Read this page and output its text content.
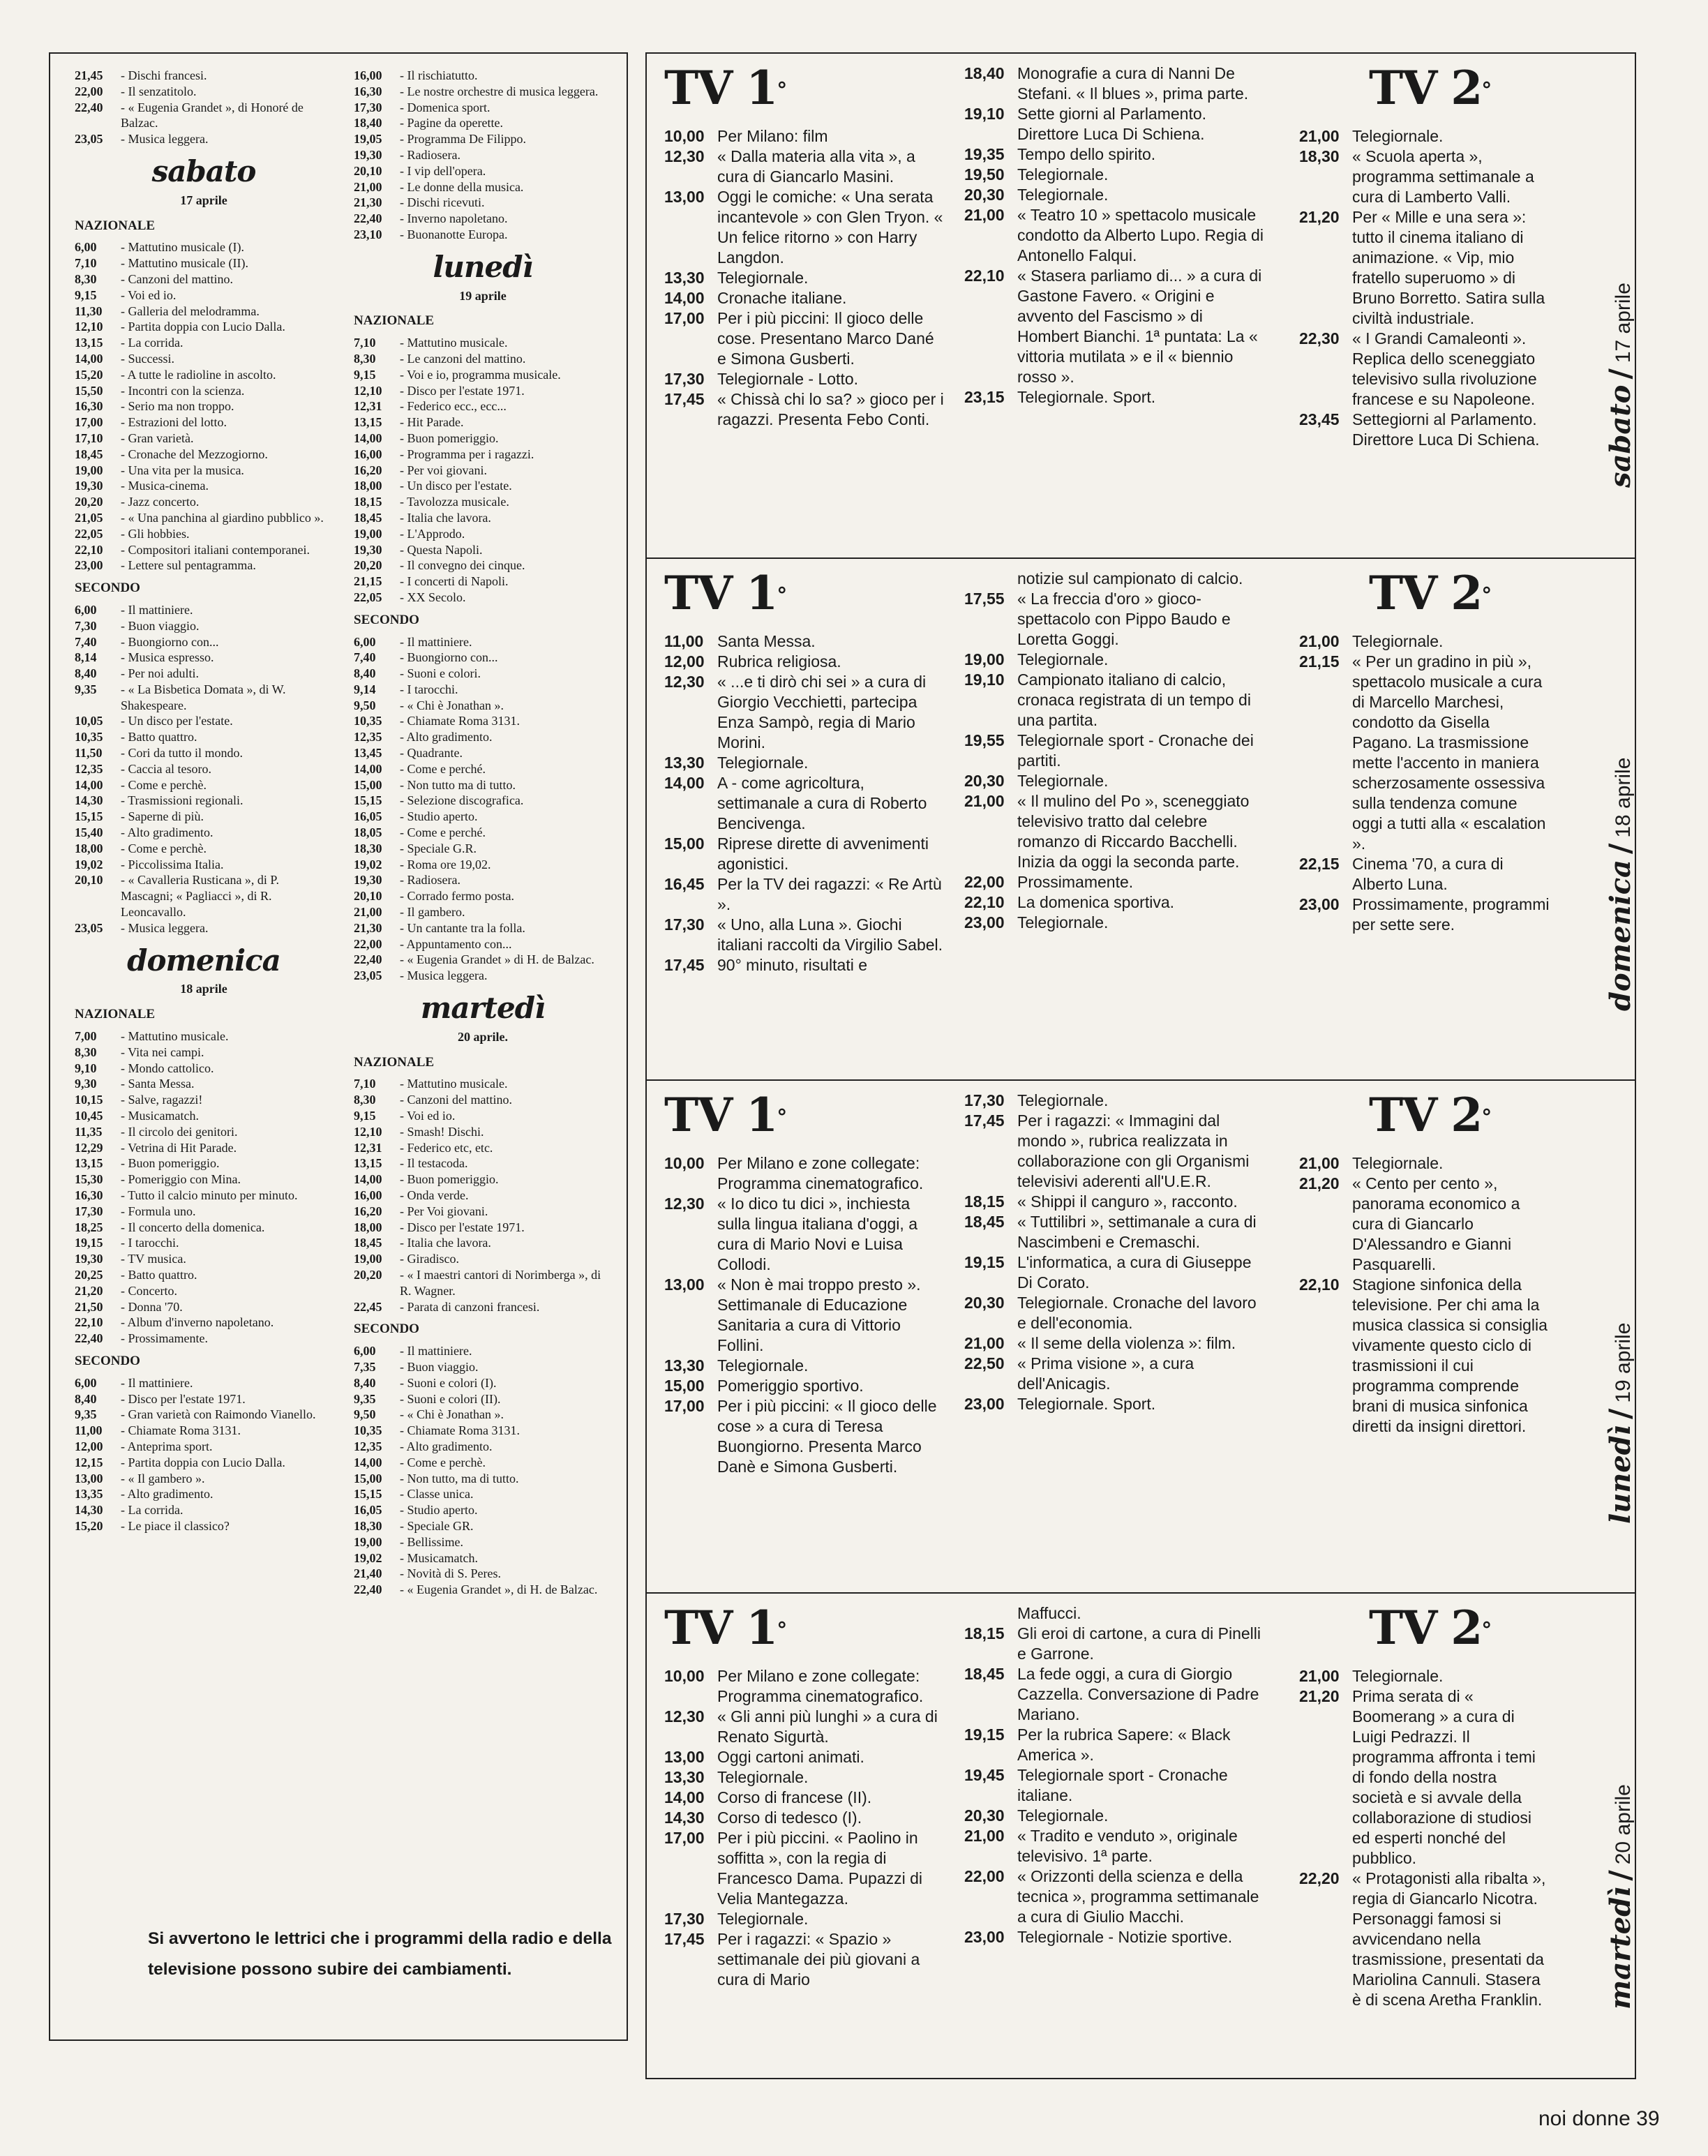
21,45	- Dischi francesi.
22,00	- Il senzatitolo.
22,40	- « Eugenia Grandet », di Honoré de Balzac.
23,05	- Musica leggera.
sabato
17 aprile
NAZIONALE
6,00	- Mattutino musicale (I).
7,10	- Mattutino musicale (II).
8,30	- Canzoni del mattino.
9,15	- Voi ed io.
11,30	- Galleria del melodramma.
12,10	- Partita doppia con Lucio Dalla.
13,15	- La corrida.
14,00	- Successi.
15,20	- A tutte le radioline in ascolto.
15,50	- Incontri con la scienza.
16,30	- Serio ma non troppo.
17,00	- Estrazioni del lotto.
17,10	- Gran varietà.
18,45	- Cronache del Mezzogiorno.
19,00	- Una vita per la musica.
19,30	- Musica-cinema.
20,20	- Jazz concerto.
21,05	- « Una panchina al giardino pubblico ».
22,05	- Gli hobbies.
22,10	- Compositori italiani contemporanei.
23,00	- Lettere sul pentagramma.
SECONDO
6,00	- Il mattiniere.
7,30	- Buon viaggio.
7,40	- Buongiorno con...
8,14	- Musica espresso.
8,40	- Per noi adulti.
9,35	- « La Bisbetica Domata », di W. Shakespeare.
10,05	- Un disco per l'estate.
10,35	- Batto quattro.
11,50	- Cori da tutto il mondo.
12,35	- Caccia al tesoro.
14,00	- Come e perchè.
14,30	- Trasmissioni regionali.
15,15	- Saperne di più.
15,40	- Alto gradimento.
18,00	- Come e perchè.
19,02	- Piccolissima Italia.
20,10	- « Cavalleria Rusticana », di P. Mascagni; « Pagliacci », di R. Leoncavallo.
23,05	- Musica leggera.
domenica
18 aprile
NAZIONALE
7,00	- Mattutino musicale.
8,30	- Vita nei campi.
9,10	- Mondo cattolico.
9,30	- Santa Messa.
10,15	- Salve, ragazzi!
10,45	- Musicamatch.
11,35	- Il circolo dei genitori.
12,29	- Vetrina di Hit Parade.
13,15	- Buon pomeriggio.
15,30	- Pomeriggio con Mina.
16,30	- Tutto il calcio minuto per minuto.
17,30	- Formula uno.
18,25	- Il concerto della domenica.
19,15	- I tarocchi.
19,30	- TV musica.
20,25	- Batto quattro.
21,20	- Concerto.
21,50	- Donna '70.
22,10	- Album d'inverno napoletano.
22,40	- Prossimamente.
SECONDO
6,00	- Il mattiniere.
8,40	- Disco per l'estate 1971.
9,35	- Gran varietà con Raimondo Vianello.
11,00	- Chiamate Roma 3131.
12,00	- Anteprima sport.
12,15	- Partita doppia con Lucio Dalla.
13,00	- « Il gambero ».
13,35	- Alto gradimento.
14,30	- La corrida.
15,20	- Le piace il classico?
16,00	- Il rischiatutto.
16,30	- Le nostre orchestre di musica leggera.
17,30	- Domenica sport.
18,40	- Pagine da operette.
19,05	- Programma De Filippo.
19,30	- Radiosera.
20,10	- I vip dell'opera.
21,00	- Le donne della musica.
21,30	- Dischi ricevuti.
22,40	- Inverno napoletano.
23,10	- Buonanotte Europa.
lunedì
19 aprile
NAZIONALE
7,10	- Mattutino musicale.
8,30	- Le canzoni del mattino.
9,15	- Voi e io, programma musicale.
12,10	- Disco per l'estate 1971.
12,31	- Federico ecc., ecc...
13,15	- Hit Parade.
14,00	- Buon pomeriggio.
16,00	- Programma per i ragazzi.
16,20	- Per voi giovani.
18,00	- Un disco per l'estate.
18,15	- Tavolozza musicale.
18,45	- Italia che lavora.
19,00	- L'Approdo.
19,30	- Questa Napoli.
20,20	- Il convegno dei cinque.
21,15	- I concerti di Napoli.
22,05	- XX Secolo.
SECONDO
6,00	- Il mattiniere.
7,40	- Buongiorno con...
8,40	- Suoni e colori.
9,14	- I tarocchi.
9,50	- « Chi è Jonathan ».
10,35	- Chiamate Roma 3131.
12,35	- Alto gradimento.
13,45	- Quadrante.
14,00	- Come e perché.
15,00	- Non tutto ma di tutto.
15,15	- Selezione discografica.
16,05	- Studio aperto.
18,05	- Come e perché.
18,30	- Speciale G.R.
19,02	- Roma ore 19,02.
19,30	- Radiosera.
20,10	- Corrado fermo posta.
21,00	- Il gambero.
21,30	- Un cantante tra la folla.
22,00	- Appuntamento con...
22,40	- « Eugenia Grandet » di H. de Balzac.
23,05	- Musica leggera.
martedì
20 aprile.
NAZIONALE
7,10	- Mattutino musicale.
8,30	- Canzoni del mattino.
9,15	- Voi ed io.
12,10	- Smash! Dischi.
12,31	- Federico etc, etc.
13,15	- Il testacoda.
14,00	- Buon pomeriggio.
16,00	- Onda verde.
16,20	- Per Voi giovani.
18,00	- Disco per l'estate 1971.
18,45	- Italia che lavora.
19,00	- Giradisco.
20,20	- « I maestri cantori di Norimberga », di R. Wagner.
22,45	- Parata di canzoni francesi.
SECONDO
6,00	- Il mattiniere.
7,35	- Buon viaggio.
8,40	- Suoni e colori (I).
9,35	- Suoni e colori (II).
9,50	- « Chi è Jonathan ».
10,35	- Chiamate Roma 3131.
12,35	- Alto gradimento.
14,00	- Come e perchè.
15,00	- Non tutto, ma di tutto.
15,15	- Classe unica.
16,05	- Studio aperto.
18,30	- Speciale GR.
19,00	- Bellissime.
19,02	- Musicamatch.
21,40	- Novità di S. Peres.
22,40	- « Eugenia Grandet », di H. de Balzac.
Si avvertono le lettrici che i programmi della radio e della televisione possono subire dei cambiamenti.
TV 1°
10,00 Per Milano: film
12,30 « Dalla materia alla vita », a cura di Giancarlo Masini.
13,00 Oggi le comiche: « Una serata incantevole » con Glen Tryon. « Un felice ritorno » con Harry Langdon.
13,30 Telegiornale.
14,00 Cronache italiane.
17,00 Per i più piccini: Il gioco delle cose. Presentano Marco Dané e Simona Gusberti.
17,30 Telegiornale - Lotto.
17,45 « Chissà chi lo sa? » gioco per i ragazzi. Presenta Febo Conti.
18,40 Monografie a cura di Nanni De Stefani. « Il blues », prima parte.
19,10 Sette giorni al Parlamento. Direttore Luca Di Schiena.
19,35 Tempo dello spirito.
19,50 Telegiornale.
20,30 Telegiornale.
21,00 « Teatro 10 » spettacolo musicale condotto da Alberto Lupo. Regia di Antonello Falqui.
22,10 « Stasera parliamo di... » a cura di Gastone Favero. « Origini e avvento del Fascismo » di Hombert Bianchi. 1ª puntata: La « vittoria mutilata » e il « biennio rosso ».
23,15 Telegiornale. Sport.
TV 2°
21,00 Telegiornale.
18,30 « Scuola aperta », programma settimanale a cura di Lamberto Valli.
21,20 Per « Mille e una sera »: tutto il cinema italiano di animazione. « Vip, mio fratello superuomo » di Bruno Borretto. Satira sulla civiltà industriale.
22,30 « I Grandi Camaleonti ». Replica dello sceneggiato televisivo sulla rivoluzione francese e su Napoleone.
23,45 Settegiorni al Parlamento. Direttore Luca Di Schiena.	sabato
/
17 aprile
TV 1°
11,00 Santa Messa.
12,00 Rubrica religiosa.
12,30 « ...e ti dirò chi sei » a cura di Giorgio Vecchietti, partecipa Enza Sampò, regia di Mario Morini.
13,30 Telegiornale.
14,00 A - come agricoltura, settimanale a cura di Roberto Bencivenga.
15,00 Riprese dirette di avvenimenti agonistici.
16,45 Per la TV dei ragazzi: « Re Artù ».
17,30 « Uno, alla Luna ». Giochi italiani raccolti da Virgilio Sabel.
17,45 90° minuto, risultati e
notizie sul campionato di calcio.
17,55 « La freccia d'oro » gioco-spettacolo con Pippo Baudo e Loretta Goggi.
19,00 Telegiornale.
19,10 Campionato italiano di calcio, cronaca registrata di un tempo di una partita.
19,55 Telegiornale sport - Cronache dei partiti.
20,30 Telegiornale.
21,00 « Il mulino del Po », sceneggiato televisivo tratto dal celebre romanzo di Riccardo Bacchelli. Inizia da oggi la seconda parte.
22,00 Prossimamente.
22,10 La domenica sportiva.
23,00 Telegiornale.
TV 2°
21,00 Telegiornale.
21,15 « Per un gradino in più », spettacolo musicale a cura di Marcello Marchesi, condotto da Gisella Pagano. La trasmissione mette l'accento in maniera scherzosamente ossessiva sulla tendenza comune oggi a tutti alla « escalation ».
22,15 Cinema '70, a cura di Alberto Luna.
23,00 Prossimamente, programmi per sette sere.	domenica
/
18 aprile
TV 1°
10,00 Per Milano e zone collegate: Programma cinematografico.
12,30 « Io dico tu dici », inchiesta sulla lingua italiana d'oggi, a cura di Mario Novi e Luisa Collodi.
13,00 « Non è mai troppo presto ». Settimanale di Educazione Sanitaria a cura di Vittorio Follini.
13,30 Telegiornale.
15,00 Pomeriggio sportivo.
17,00 Per i più piccini: « Il gioco delle cose » a cura di Teresa Buongiorno. Presenta Marco Danè e Simona Gusberti.
17,30 Telegiornale.
17,45 Per i ragazzi: « Immagini dal mondo », rubrica realizzata in collaborazione con gli Organismi televisivi aderenti all'U.E.R.
18,15 « Shippi il canguro », racconto.
18,45 « Tuttilibri », settimanale a cura di Nascimbeni e Cremaschi.
19,15 L'informatica, a cura di Giuseppe Di Corato.
20,30 Telegiornale. Cronache del lavoro e dell'economia.
21,00 « Il seme della violenza »: film.
22,50 « Prima visione », a cura dell'Anicagis.
23,00 Telegiornale. Sport.
TV 2°
21,00 Telegiornale.
21,20 « Cento per cento », panorama economico a cura di Giancarlo D'Alessandro e Gianni Pasquarelli.
22,10 Stagione sinfonica della televisione. Per chi ama la musica classica si consiglia vivamente questo ciclo di trasmissioni il cui programma comprende brani di musica sinfonica diretti da insigni direttori.	lunedì
/
19 aprile
TV 1°
10,00 Per Milano e zone collegate: Programma cinematografico.
12,30 « Gli anni più lunghi » a cura di Renato Sigurtà.
13,00 Oggi cartoni animati.
13,30 Telegiornale.
14,00 Corso di francese (II).
14,30 Corso di tedesco (I).
17,00 Per i più piccini. « Paolino in soffitta », con la regia di Francesco Dama. Pupazzi di Velia Mantegazza.
17,30 Telegiornale.
17,45 Per i ragazzi: « Spazio » settimanale dei più giovani a cura di Mario
Maffucci.
18,15 Gli eroi di cartone, a cura di Pinelli e Garrone.
18,45 La fede oggi, a cura di Giorgio Cazzella. Conversazione di Padre Mariano.
19,15 Per la rubrica Sapere: « Black America ».
19,45 Telegiornale sport - Cronache italiane.
20,30 Telegiornale.
21,00 « Tradito e venduto », originale televisivo. 1ª parte.
22,00 « Orizzonti della scienza e della tecnica », programma settimanale a cura di Giulio Macchi.
23,00 Telegiornale - Notizie sportive.
TV 2°
21,00 Telegiornale.
21,20 Prima serata di « Boomerang » a cura di Luigi Pedrazzi. Il programma affronta i temi di fondo della nostra società e si avvale della collaborazione di studiosi ed esperti nonché del pubblico.
22,20 « Protagonisti alla ribalta », regia di Giancarlo Nicotra. Personaggi famosi si avvicendano nella trasmissione, presentati da Mariolina Cannuli. Stasera è di scena Aretha Franklin. martedì
/
20 aprile
noi donne 39
